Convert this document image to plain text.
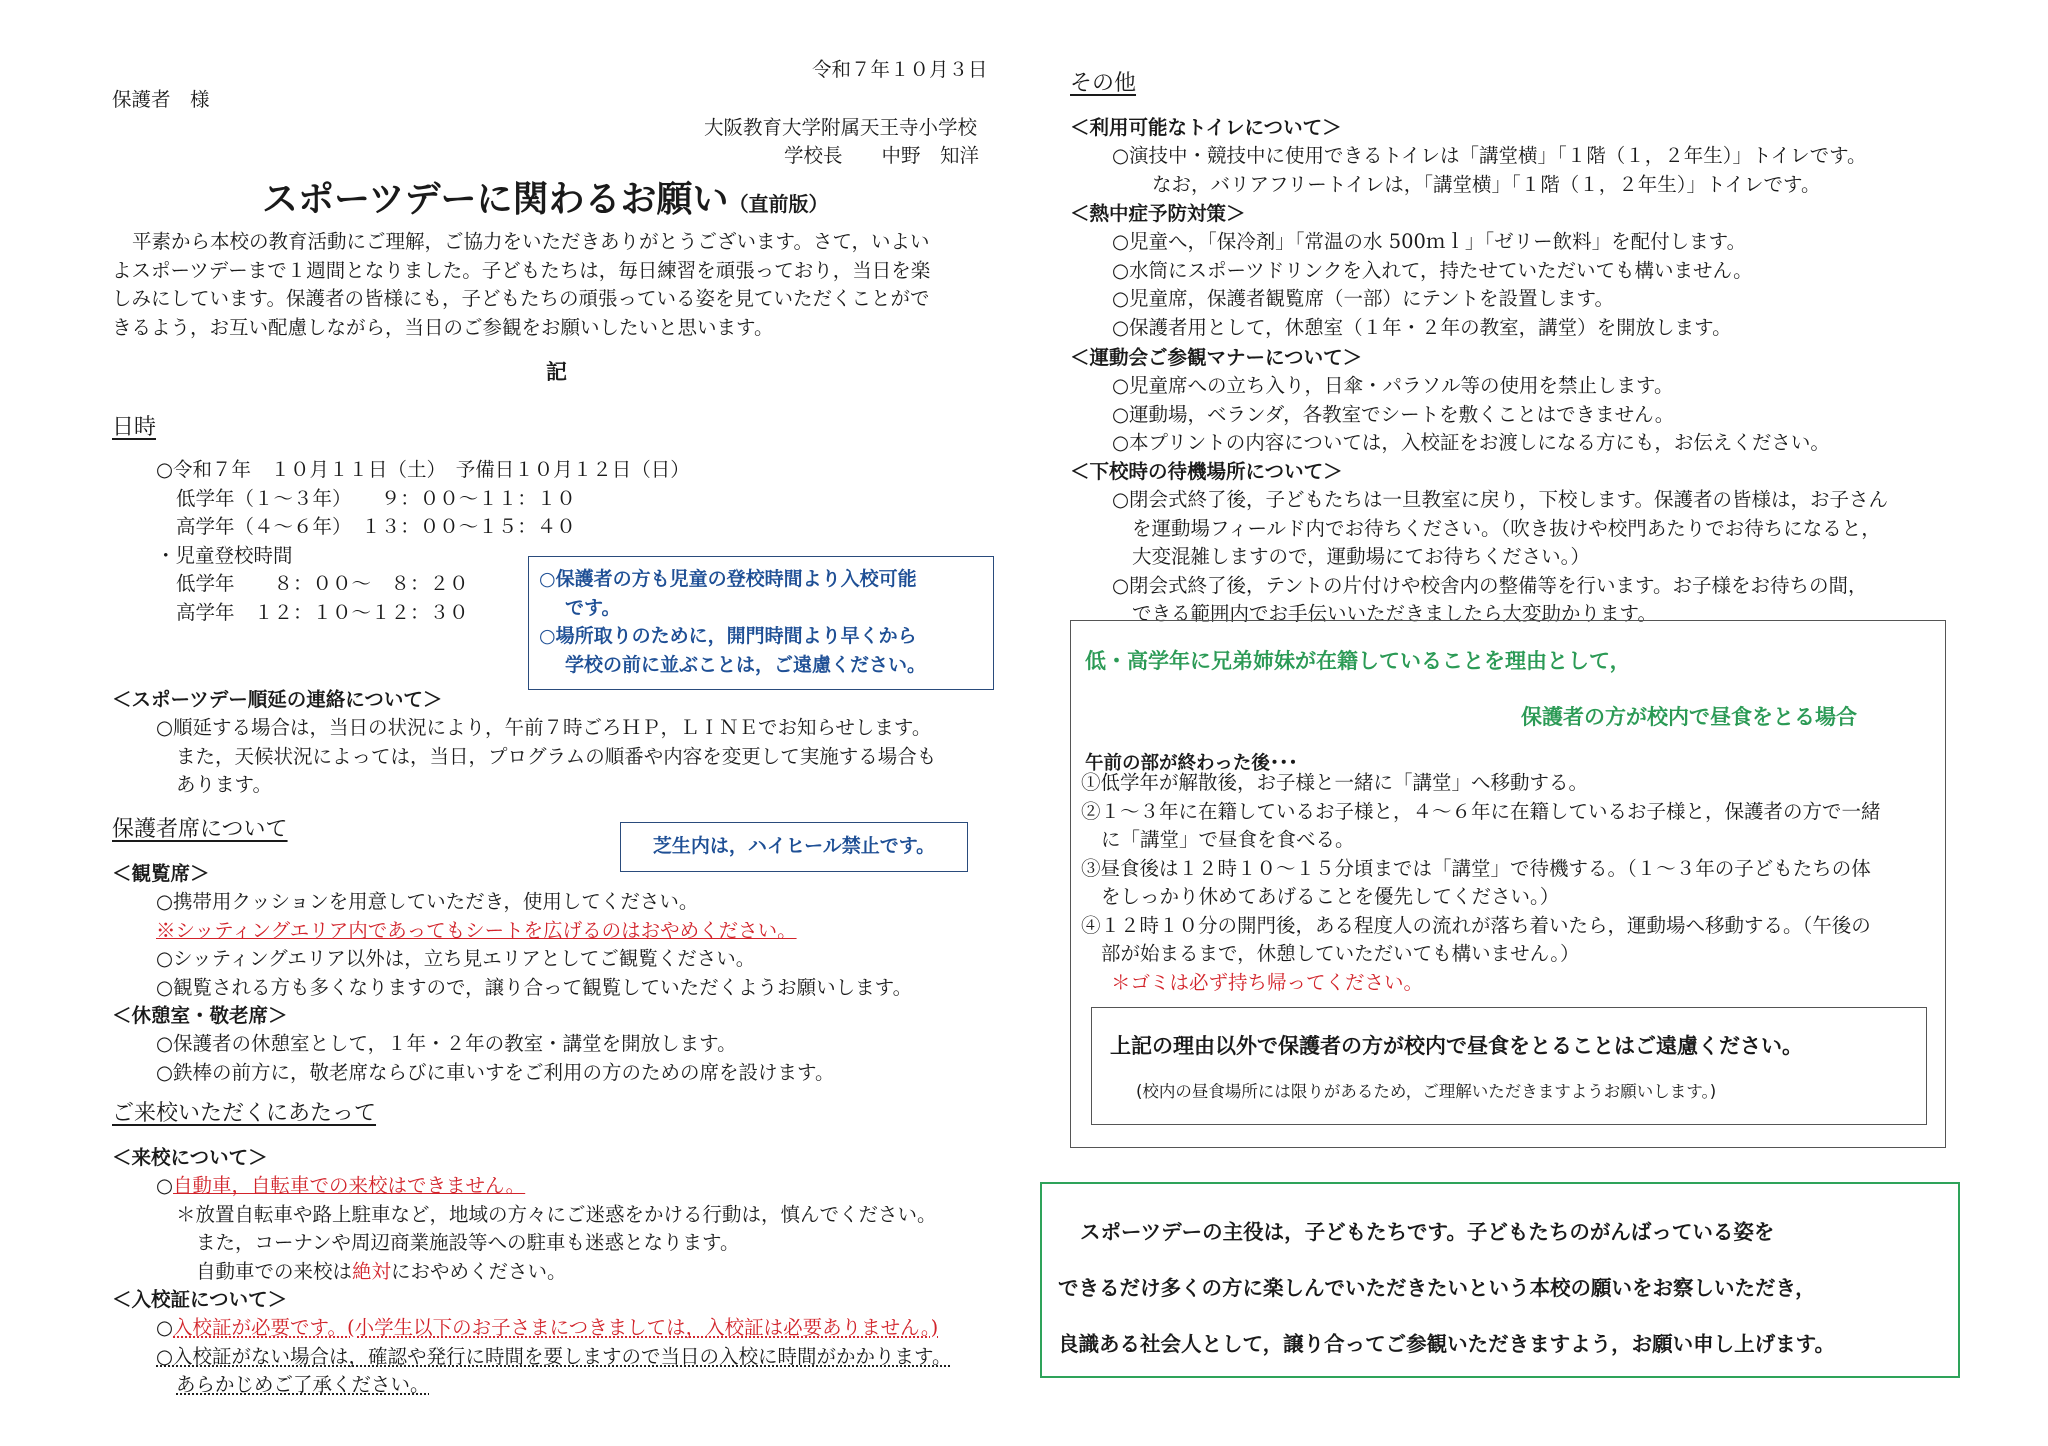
令和７年１０月３日
保護者　様
大阪教育大学附属天王寺小学校
学校長　　中野　知洋
スポーツデーに関わるお願い（直前版）
平素から本校の教育活動にご理解，ご協力をいただきありがとうございます。さて，いよい
よスポーツデーまで１週間となりました。子どもたちは，毎日練習を頑張っており，当日を楽
しみにしています。保護者の皆様にも，子どもたちの頑張っている姿を見ていただくことがで
きるよう，お互い配慮しながら，当日のご参観をお願いしたいと思います。
記
日時
○令和７年　１０月１１日（土）　予備日１０月１２日（日）
低学年（１～３年）　　９：００～１１：１０
高学年（４～６年）　１３：００～１５：４０
・児童登校時間
低学年　　８：００～　８：２０
高学年　１２：１０～１２：３０
○保護者の方も児童の登校時間より入校可能
です。
○場所取りのために，開門時間より早くから
学校の前に並ぶことは，ご遠慮ください。
＜スポーツデー順延の連絡について＞
○順延する場合は，当日の状況により，午前７時ごろＨＰ，ＬＩＮＥでお知らせします。
また，天候状況によっては，当日，プログラムの順番や内容を変更して実施する場合も
あります。
保護者席について
芝生内は，ハイヒール禁止です。
＜観覧席＞
○携帯用クッションを用意していただき，使用してください。
※シッティングエリア内であってもシートを広げるのはおやめください。
○シッティングエリア以外は，立ち見エリアとしてご観覧ください。
○観覧される方も多くなりますので，譲り合って観覧していただくようお願いします。
＜休憩室・敬老席＞
○保護者の休憩室として，１年・２年の教室・講堂を開放します。
○鉄棒の前方に，敬老席ならびに車いすをご利用の方のための席を設けます。
ご来校いただくにあたって
＜来校について＞
○自動車，自転車での来校はできません。
＊放置自転車や路上駐車など，地域の方々にご迷惑をかける行動は，慎んでください。
また，コーナンや周辺商業施設等への駐車も迷惑となります。
自動車での来校は絶対におやめください。
＜入校証について＞
○入校証が必要です。(小学生以下のお子さまにつきましては，入校証は必要ありません。)
○入校証がない場合は，確認や発行に時間を要しますので当日の入校に時間がかかります。
あらかじめご了承ください。
その他
＜利用可能なトイレについて＞
○演技中・競技中に使用できるトイレは「講堂横」「１階（１，２年生）」トイレです。
なお，バリアフリートイレは，「講堂横」「１階（１，２年生）」トイレです。
＜熱中症予防対策＞
○児童へ，「保冷剤」「常温の水 500ｍｌ」「ゼリー飲料」を配付します。
○水筒にスポーツドリンクを入れて，持たせていただいても構いません。
○児童席，保護者観覧席（一部）にテントを設置します。
○保護者用として，休憩室（１年・２年の教室，講堂）を開放します。
＜運動会ご参観マナーについて＞
○児童席への立ち入り，日傘・パラソル等の使用を禁止します。
○運動場，ベランダ，各教室でシートを敷くことはできません。
○本プリントの内容については，入校証をお渡しになる方にも，お伝えください。
＜下校時の待機場所について＞
○閉会式終了後，子どもたちは一旦教室に戻り，下校します。保護者の皆様は，お子さん
を運動場フィールド内でお待ちください。（吹き抜けや校門あたりでお待ちになると，
大変混雑しますので，運動場にてお待ちください。）
○閉会式終了後，テントの片付けや校舎内の整備等を行います。お子様をお待ちの間，
できる範囲内でお手伝いいただきましたら大変助かります。
低・高学年に兄弟姉妹が在籍していることを理由として，
保護者の方が校内で昼食をとる場合
午前の部が終わった後･･･
①低学年が解散後，お子様と一緒に「講堂」へ移動する。
②１～３年に在籍しているお子様と，４～６年に在籍しているお子様と，保護者の方で一緒
に「講堂」で昼食を食べる。
③昼食後は１２時１０～１５分頃までは「講堂」で待機する。（１～３年の子どもたちの体
をしっかり休めてあげることを優先してください。）
④１２時１０分の開門後，ある程度人の流れが落ち着いたら，運動場へ移動する。（午後の
部が始まるまで，休憩していただいても構いません。）
＊ゴミは必ず持ち帰ってください。
上記の理由以外で保護者の方が校内で昼食をとることはご遠慮ください。
(校内の昼食場所には限りがあるため，ご理解いただきますようお願いします。)
スポーツデーの主役は，子どもたちです。子どもたちのがんばっている姿を
できるだけ多くの方に楽しんでいただきたいという本校の願いをお察しいただき，
良識ある社会人として，譲り合ってご参観いただきますよう，お願い申し上げます。
